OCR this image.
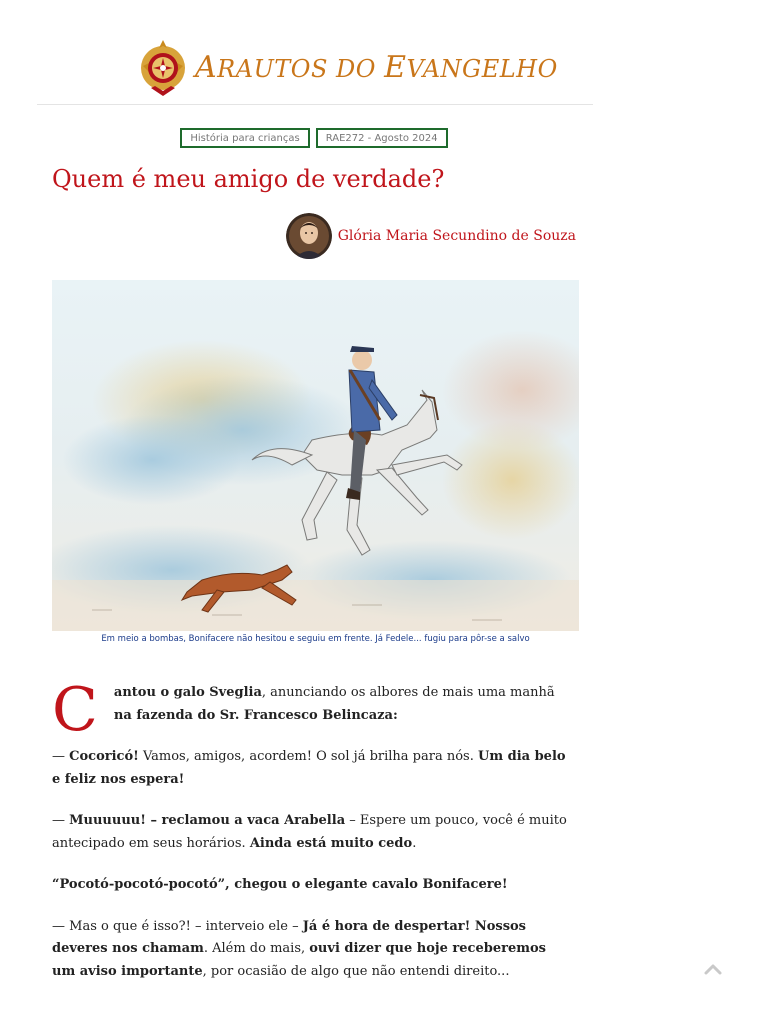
ARAUTOS DO EVANGELHO
História para crianças	RAE272 - Agosto 2024
Quem é meu amigo de verdade?
Glória Maria Secundino de Souza
Em meio a bombas, Bonifacere não hesitou e seguiu em frente. Já Fedele... fugiu para pôr-se a salvo

C antou o galo Sveglia, anunciando os albores de mais uma manhã na fazenda do Sr. Francesco Belincaza:

— Cocoricó! Vamos, amigos, acordem! O sol já brilha para nós. Um dia belo e feliz nos espera!

— Muuuuuu! – reclamou a vaca Arabella – Espere um pouco, você é muito antecipado em seus horários. Ainda está muito cedo.

“Pocotó-pocotó-pocotó”, chegou o elegante cavalo Bonifacere!

— Mas o que é isso?! – interveio ele – Já é hora de despertar! Nossos deveres nos chamam. Além do mais, ouvi dizer que hoje receberemos um aviso importante, por ocasião de algo que não entendi direito...
